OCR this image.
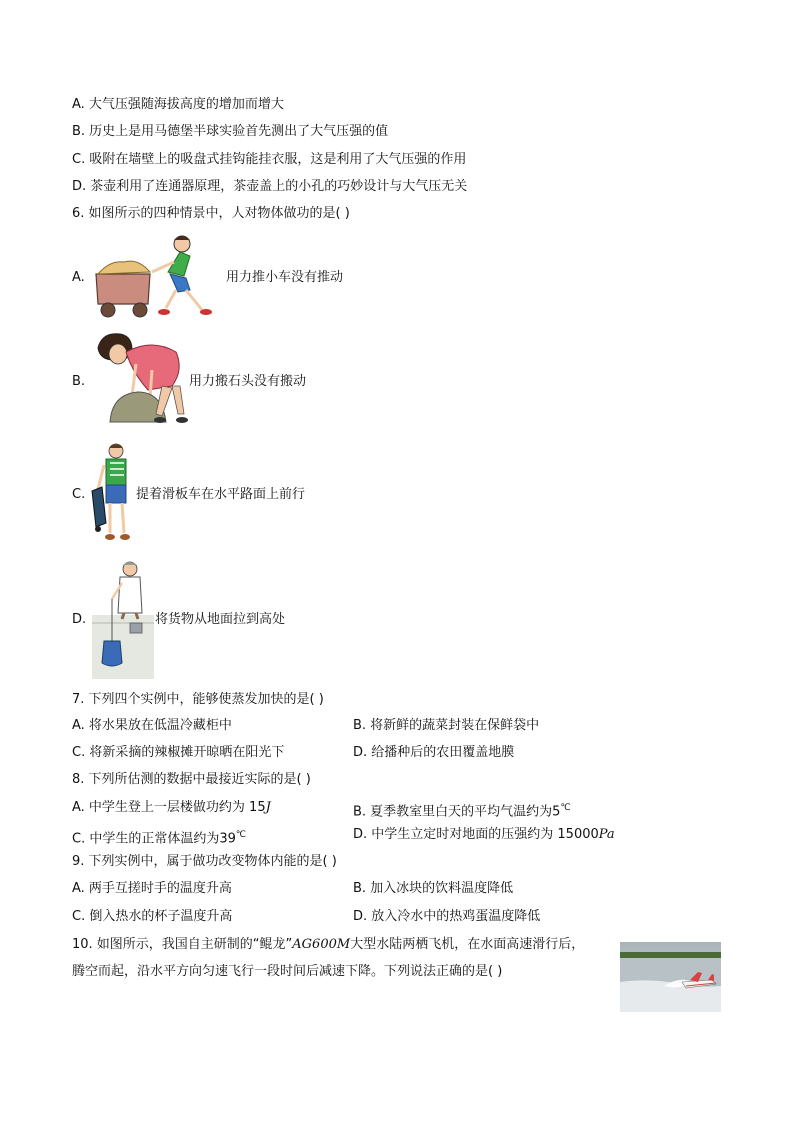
A. 大气压强随海拔高度的增加而增大
B. 历史上是用马德堡半球实验首先测出了大气压强的值
C. 吸附在墙壁上的吸盘式挂钩能挂衣服，这是利用了大气压强的作用
D. 茶壶利用了连通器原理，茶壶盖上的小孔的巧妙设计与大气压无关
6. 如图所示的四种情景中，人对物体做功的是( )
A.	用力推小车没有推动
B.	用力搬石头没有搬动
C.	提着滑板车在水平路面上前行
D.	将货物从地面拉到高处
7. 下列四个实例中，能够使蒸发加快的是( )
A. 将水果放在低温冷藏柜中	B. 将新鲜的蔬菜封装在保鲜袋中
C. 将新采摘的辣椒摊开晾晒在阳光下	D. 给播种后的农田覆盖地膜
8. 下列所估测的数据中最接近实际的是( )
A. 中学生登上一层楼做功约为 15J	B. 夏季教室里白天的平均气温约为5℃
C. 中学生的正常体温约为39℃	D. 中学生立定时对地面的压强约为 15000Pa
9. 下列实例中，属于做功改变物体内能的是( )
A. 两手互搓时手的温度升高	B. 加入冰块的饮料温度降低
C. 倒入热水的杯子温度升高	D. 放入冷水中的热鸡蛋温度降低
10. 如图所示，我国自主研制的“鲲龙”AG600M大型水陆两栖飞机，在水面高速滑行后，
腾空而起，沿水平方向匀速飞行一段时间后减速下降。下列说法正确的是( )
